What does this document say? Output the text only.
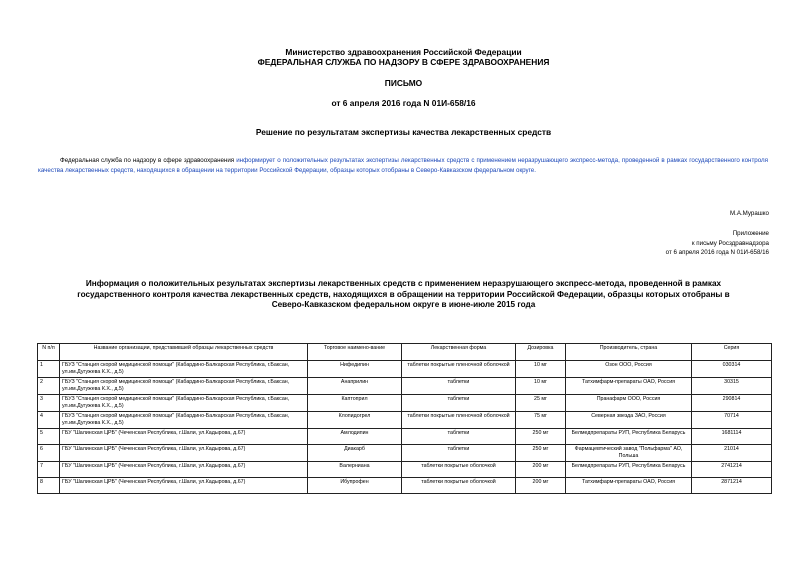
Министерство здравоохранения Российской Федерации
ФЕДЕРАЛЬНАЯ СЛУЖБА ПО НАДЗОРУ В СФЕРЕ ЗДРАВООХРАНЕНИЯ
ПИСЬМО
от 6 апреля 2016 года N 01И-658/16
Решение по результатам экспертизы качества лекарственных средств
Федеральная служба по надзору в сфере здравоохранения информирует о положительных результатах экспертизы лекарственных средств с применением неразрушающего экспресс-метода, проведенной в рамках государственного контроля качества лекарственных средств, находящихся в обращении на территории Российской Федерации, образцы которых отобраны в Северо-Кавказском федеральном округе.
М.А.Мурашко
Приложение
к письму Росздравнадзора
от 6 апреля 2016 года N 01И-658/16
Информация о положительных результатах экспертизы лекарственных средств с применением неразрушающего экспресс-метода, проведенной в рамках государственного контроля качества лекарственных средств, находящихся в обращении на территории Российской Федерации, образцы которых отобраны в Северо-Кавказском федеральном округе в июне-июле 2015 года
N п/п	Название организации, представившей образцы лекарственных средств	Торговое наимено-вание	Лекарственная форма	Дозировка	Производитель, страна	Серия
1	ГБУЗ "Станция скорой медицинской помощи" (Кабардино-Балкарская Республика, г.Баксан, ул.им.Дугужева К.Х., д.5)	Нифедипин	таблетки покрытые пленочной оболочкой	10 мг	Озон ООО, Россия	030314
2	ГБУЗ "Станция скорой медицинской помощи" (Кабардино-Балкарская Республика, г.Баксан, ул.им.Дугужева К.Х., д.5)	Анаприлин	таблетки	10 мг	Татхимфарм-препараты ОАО, Россия	30315
3	ГБУЗ "Станция скорой медицинской помощи" (Кабардино-Балкарская Республика, г.Баксан, ул.им.Дугужева К.Х., д.5)	Каптоприл	таблетки	25 мг	Пранафарм ООО, Россия	290814
4	ГБУЗ "Станция скорой медицинской помощи" (Кабардино-Балкарская Республика, г.Баксан, ул.им.Дугужева К.Х., д.5)	Клопидогрел	таблетки покрытые пленочной оболочкой	75 мг	Северная звезда ЗАО, Россия	70714
5	ГБУ "Шалинская ЦРБ" (Чеченская Республика, г.Шали, ул.Кадырова, д.67)	Амлодипин	таблетки	250 мг	Белмедпрепараты РУП, Республика Беларусь	1681114
6	ГБУ "Шалинская ЦРБ" (Чеченская Республика, г.Шали, ул.Кадырова, д.67)	Диакарб	таблетки	250 мг	Фармацевтический завод "Польфарма" АО, Польша	21014
7	ГБУ "Шалинская ЦРБ" (Чеченская Республика, г.Шали, ул.Кадырова, д.67)	Валерниана	таблетки покрытые оболочкой	200 мг	Белмедпрепараты РУП, Республика Беларусь	2741214
8	ГБУ "Шалинская ЦРБ" (Чеченская Республика, г.Шали, ул.Кадырова, д.67)	Ибупрофен	таблетки покрытые оболочкой	200 мг	Татхимфарм-препараты ОАО, Россия	2871214
